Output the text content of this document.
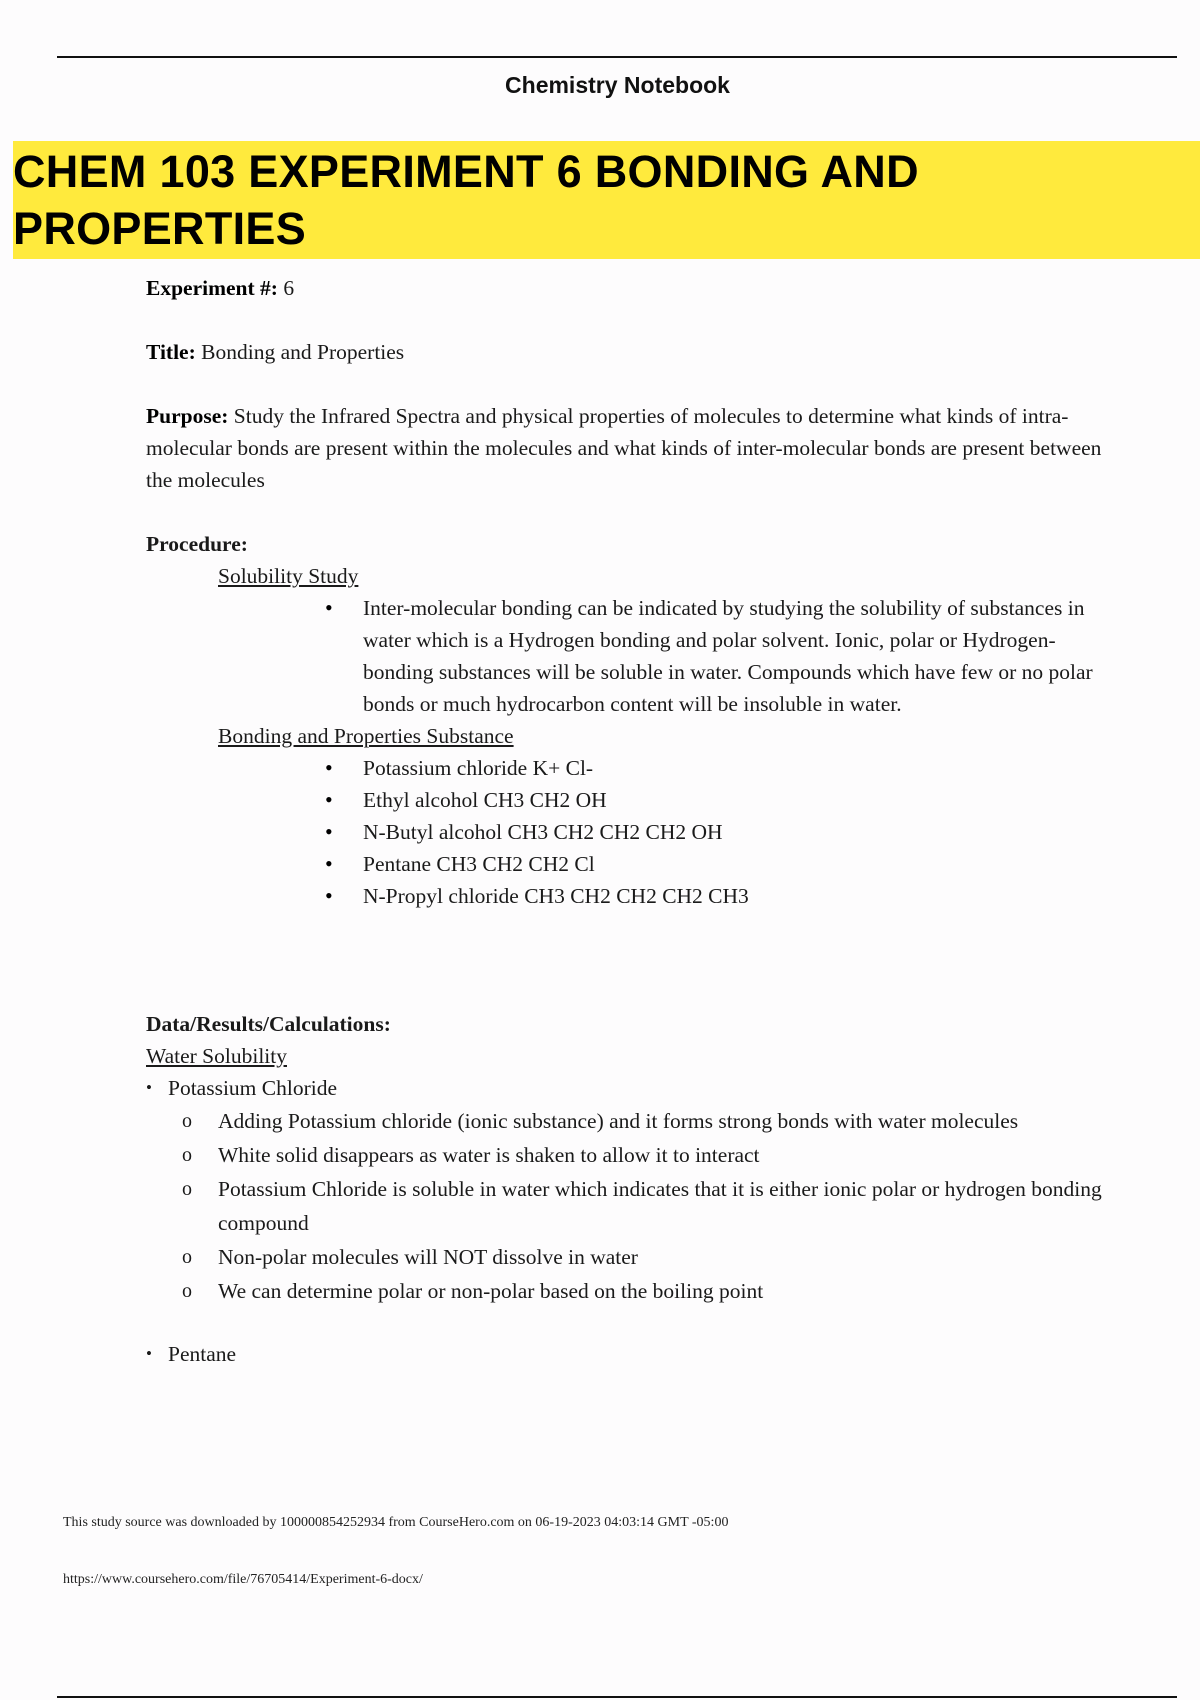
Chemistry Notebook
CHEM 103 EXPERIMENT 6 BONDING AND PROPERTIES

Experiment #: 6

Title: Bonding and Properties

Purpose: Study the Infrared Spectra and physical properties of molecules to determine what kinds of intra-molecular bonds are present within the molecules and what kinds of inter-molecular bonds are present between the molecules

Procedure:

Solubility Study

• Inter-molecular bonding can be indicated by studying the solubility of substances in water which is a Hydrogen bonding and polar solvent. Ionic, polar or Hydrogen-bonding substances will be soluble in water. Compounds which have few or no polar bonds or much hydrocarbon content will be insoluble in water.

Bonding and Properties Substance

• Potassium chloride K+ Cl-
• Ethyl alcohol CH3 CH2 OH
• N-Butyl alcohol CH3 CH2 CH2 CH2 OH
• Pentane CH3 CH2 CH2 Cl
• N-Propyl chloride CH3 CH2 CH2 CH2 CH3

Data/Results/Calculations:

Water Solubility

• Potassium Chloride

o Adding Potassium chloride (ionic substance) and it forms strong bonds with water molecules
o White solid disappears as water is shaken to allow it to interact
o Potassium Chloride is soluble in water which indicates that it is either ionic polar or hydrogen bonding compound
o Non-polar molecules will NOT dissolve in water
o We can determine polar or non-polar based on the boiling point

• Pentane

This study source was downloaded by 100000854252934 from CourseHero.com on 06-19-2023 04:03:14 GMT -05:00
https://www.coursehero.com/file/76705414/Experiment-6-docx/
